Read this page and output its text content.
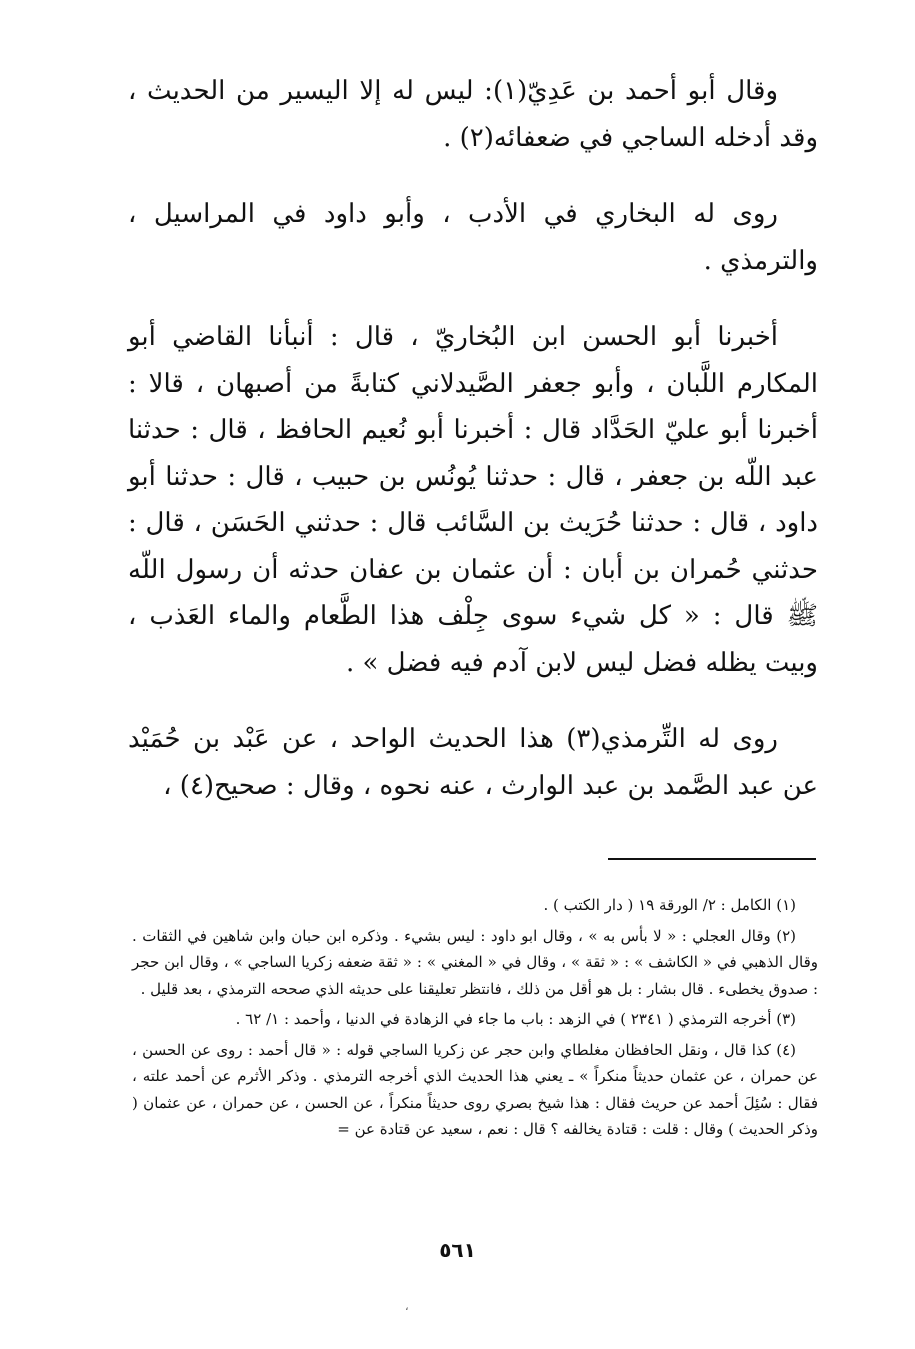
وقال أبو أحمد بن عَدِيّ(١): ليس له إلا اليسير من الحديث ، وقد أدخله الساجي في ضعفائه(٢) .

روى له البخاري في الأدب ، وأبو داود في المراسيل ، والترمذي .

أخبرنا أبو الحسن ابن البُخاريّ ، قال : أنبأنا القاضي أبو المكارم اللَّبان ، وأبو جعفر الصَّيدلاني كتابةً من أصبهان ، قالا : أخبرنا أبو عليّ الحَدَّاد قال : أخبرنا أبو نُعيم الحافظ ، قال : حدثنا عبد اللّه بن جعفر ، قال : حدثنا يُونُس بن حبيب ، قال : حدثنا أبو داود ، قال : حدثنا حُرَيث بن السَّائب قال : حدثني الحَسَن ، قال : حدثني حُمران بن أبان : أن عثمان بن عفان حدثه أن رسول اللّه ﷺ قال : « كل شيء سوى جِلْف هذا الطَّعام والماء العَذب ، وبيت يظله فضل ليس لابن آدم فيه فضل » .

روى له التِّرمذي(٣) هذا الحديث الواحد ، عن عَبْد بن حُمَيْد عن عبد الصَّمد بن عبد الوارث ، عنه نحوه ، وقال : صحيح(٤) ،

(١) الكامل : ٢/ الورقة ١٩ ( دار الكتب ) .

(٢) وقال العجلي : « لا بأس به » ، وقال ابو داود : ليس بشيء . وذكره ابن حبان وابن شاهين في الثقات . وقال الذهبي في « الكاشف » : « ثقة » ، وقال في « المغني » : « ثقة ضعفه زكريا الساجي » ، وقال ابن حجر : صدوق يخطىء . قال بشار : بل هو أقل من ذلك ، فانتظر تعليقنا على حديثه الذي صححه الترمذي ، بعد قليل .

(٣) أخرجه الترمذي ( ٢٣٤١ ) في الزهد : باب ما جاء في الزهادة في الدنيا ، وأحمد : ١/ ٦٢ .

(٤) كذا قال ، ونقل الحافظان مغلطاي وابن حجر عن زكريا الساجي قوله : « قال أحمد : روى عن الحسن ، عن حمران ، عن عثمان حديثاً منكراً » ـ يعني هذا الحديث الذي أخرجه الترمذي . وذكر الأثرم عن أحمد علته ، فقال : سُئِلَ أحمد عن حريث فقال : هذا شيخ بصري روى حديثاً منكراً ، عن الحسن ، عن حمران ، عن عثمان ( وذكر الحديث ) وقال : قلت : قتادة يخالفه ؟ قال : نعم ، سعيد عن قتادة عن =

٥٦١
،
